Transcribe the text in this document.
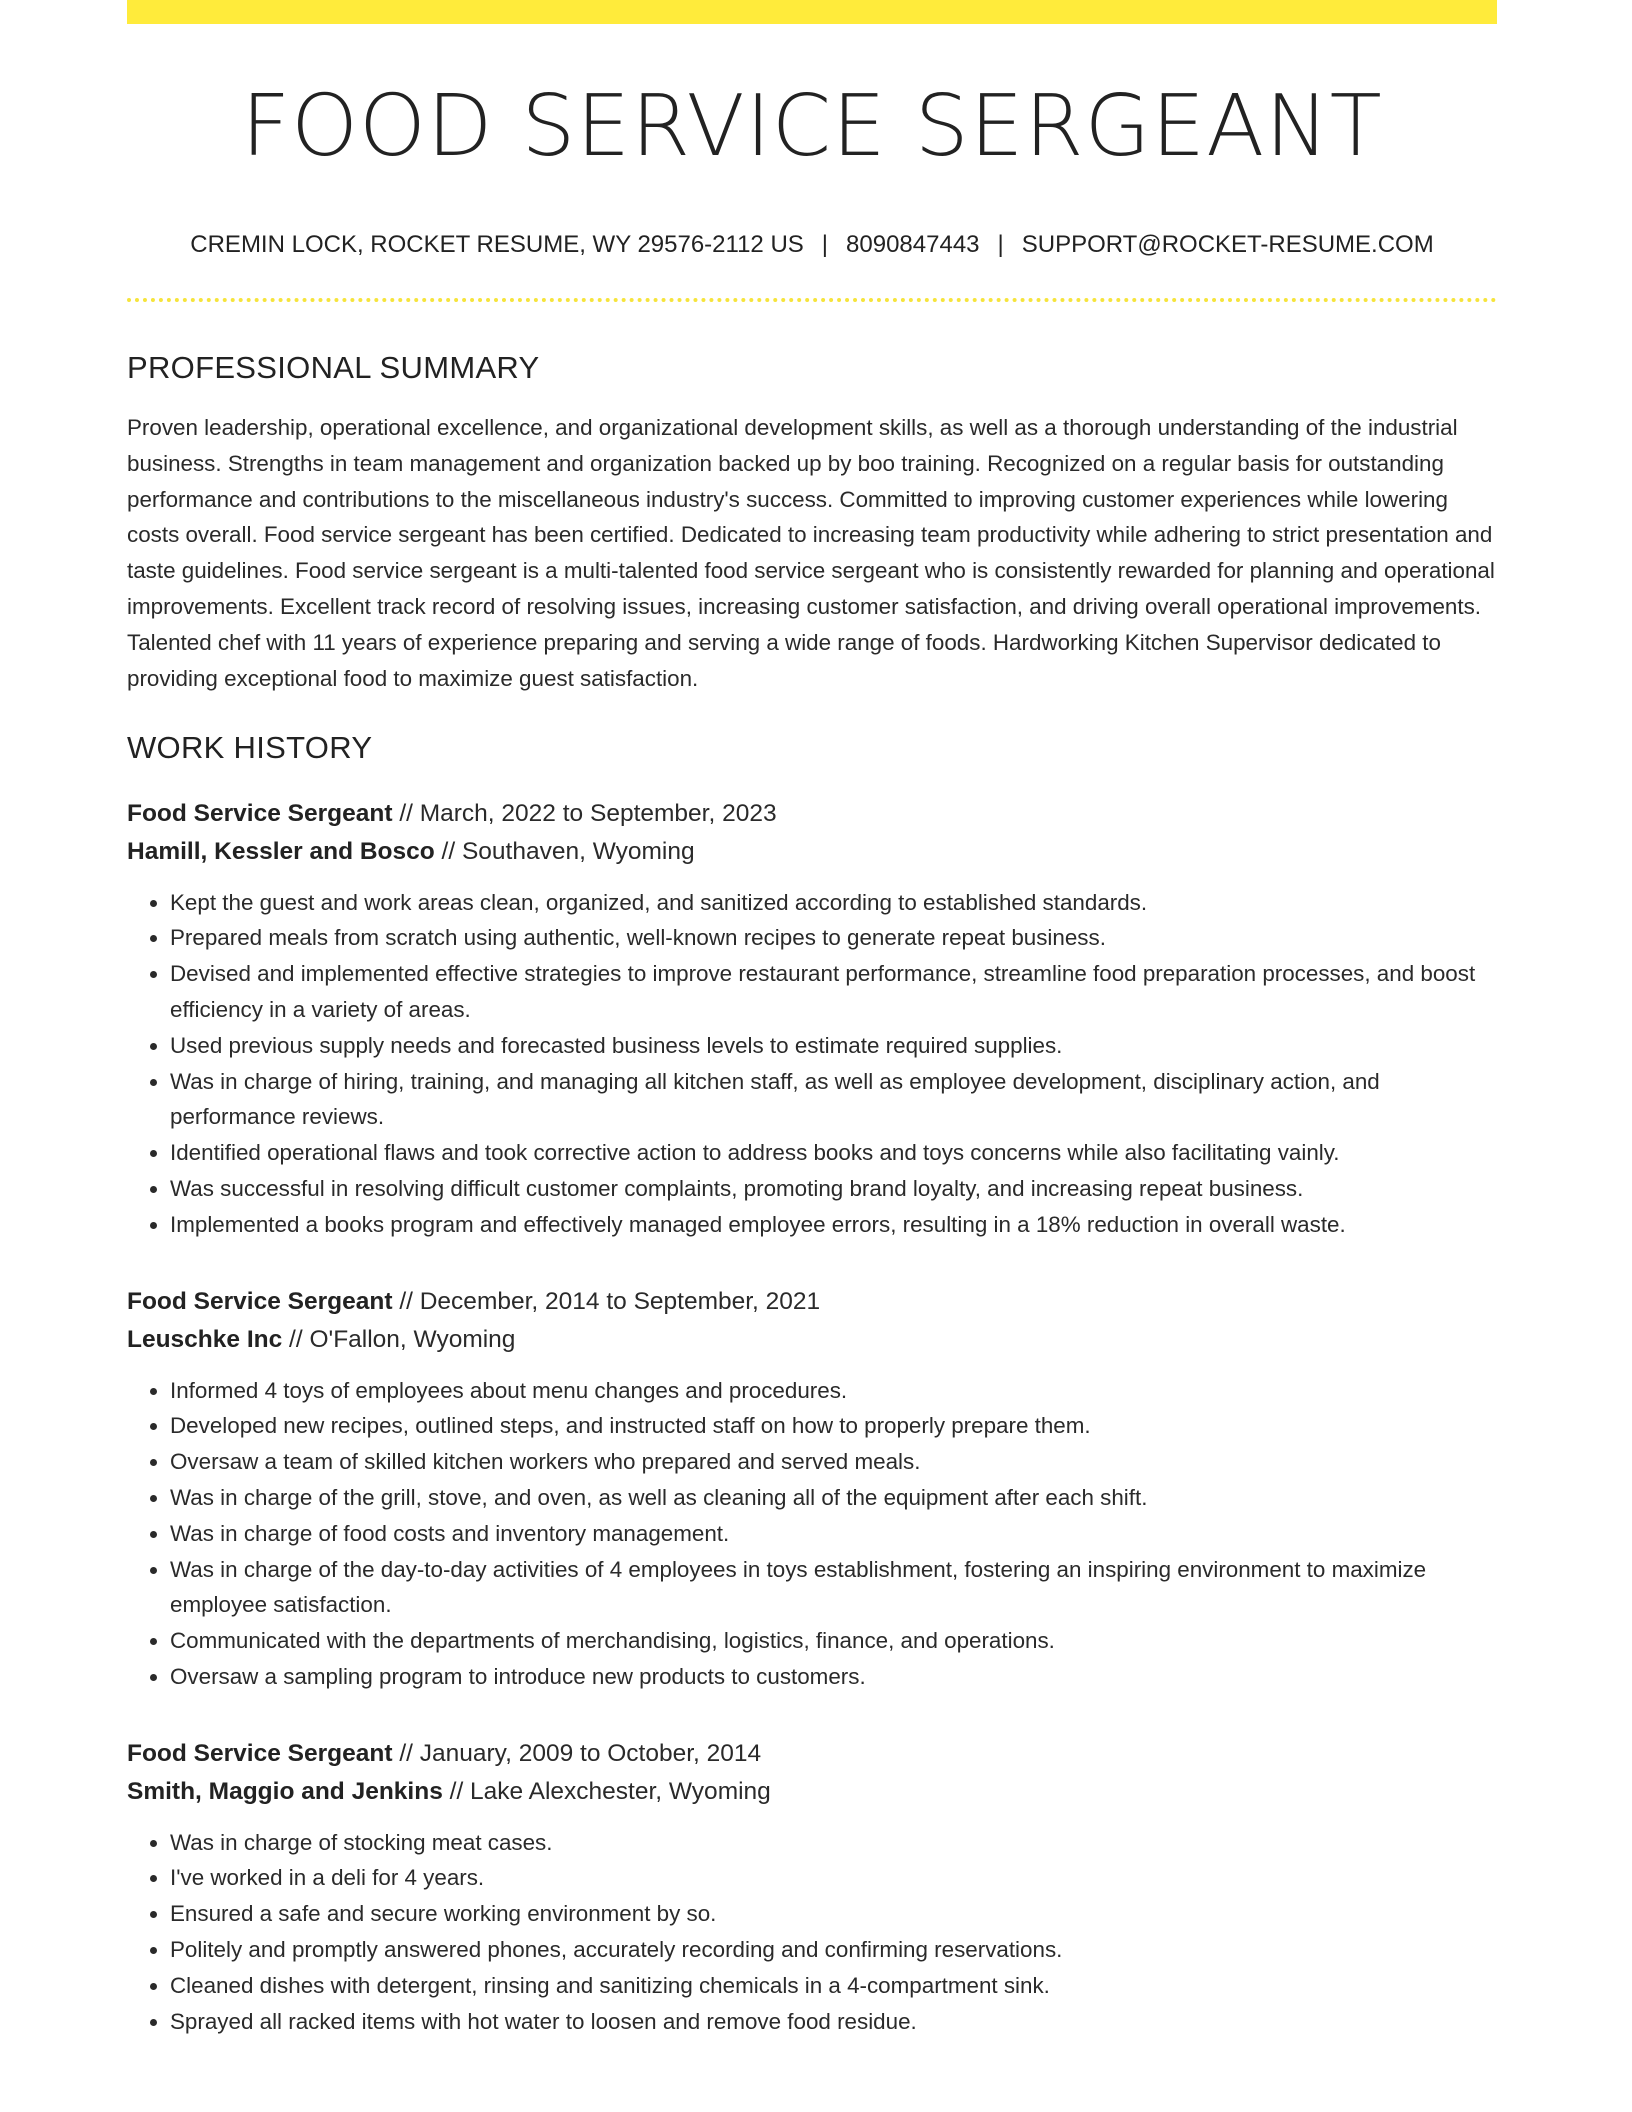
FOOD SERVICE SERGEANT
CREMIN LOCK, ROCKET RESUME, WY 29576-2112 US | 8090847443 | SUPPORT@ROCKET-RESUME.COM
PROFESSIONAL SUMMARY

Proven leadership, operational excellence, and organizational development skills, as well as a thorough understanding of the industrial business. Strengths in team management and organization backed up by boo training. Recognized on a regular basis for outstanding performance and contributions to the miscellaneous industry's success. Committed to improving customer experiences while lowering costs overall. Food service sergeant has been certified. Dedicated to increasing team productivity while adhering to strict presentation and taste guidelines. Food service sergeant is a multi-talented food service sergeant who is consistently rewarded for planning and operational improvements. Excellent track record of resolving issues, increasing customer satisfaction, and driving overall operational improvements. Talented chef with 11 years of experience preparing and serving a wide range of foods. Hardworking Kitchen Supervisor dedicated to providing exceptional food to maximize guest satisfaction.

WORK HISTORY
Food Service Sergeant // March, 2022 to September, 2023
Hamill, Kessler and Bosco // Southaven, Wyoming
• Kept the guest and work areas clean, organized, and sanitized according to established standards.
• Prepared meals from scratch using authentic, well-known recipes to generate repeat business.
• Devised and implemented effective strategies to improve restaurant performance, streamline food preparation processes, and boost efficiency in a variety of areas.
• Used previous supply needs and forecasted business levels to estimate required supplies.
• Was in charge of hiring, training, and managing all kitchen staff, as well as employee development, disciplinary action, and performance reviews.
• Identified operational flaws and took corrective action to address books and toys concerns while also facilitating vainly.
• Was successful in resolving difficult customer complaints, promoting brand loyalty, and increasing repeat business.
• Implemented a books program and effectively managed employee errors, resulting in a 18% reduction in overall waste.
Food Service Sergeant // December, 2014 to September, 2021
Leuschke Inc // O'Fallon, Wyoming
• Informed 4 toys of employees about menu changes and procedures.
• Developed new recipes, outlined steps, and instructed staff on how to properly prepare them.
• Oversaw a team of skilled kitchen workers who prepared and served meals.
• Was in charge of the grill, stove, and oven, as well as cleaning all of the equipment after each shift.
• Was in charge of food costs and inventory management.
• Was in charge of the day-to-day activities of 4 employees in toys establishment, fostering an inspiring environment to maximize employee satisfaction.
• Communicated with the departments of merchandising, logistics, finance, and operations.
• Oversaw a sampling program to introduce new products to customers.
Food Service Sergeant // January, 2009 to October, 2014
Smith, Maggio and Jenkins // Lake Alexchester, Wyoming
• Was in charge of stocking meat cases.
• I've worked in a deli for 4 years.
• Ensured a safe and secure working environment by so.
• Politely and promptly answered phones, accurately recording and confirming reservations.
• Cleaned dishes with detergent, rinsing and sanitizing chemicals in a 4-compartment sink.
• Sprayed all racked items with hot water to loosen and remove food residue.
